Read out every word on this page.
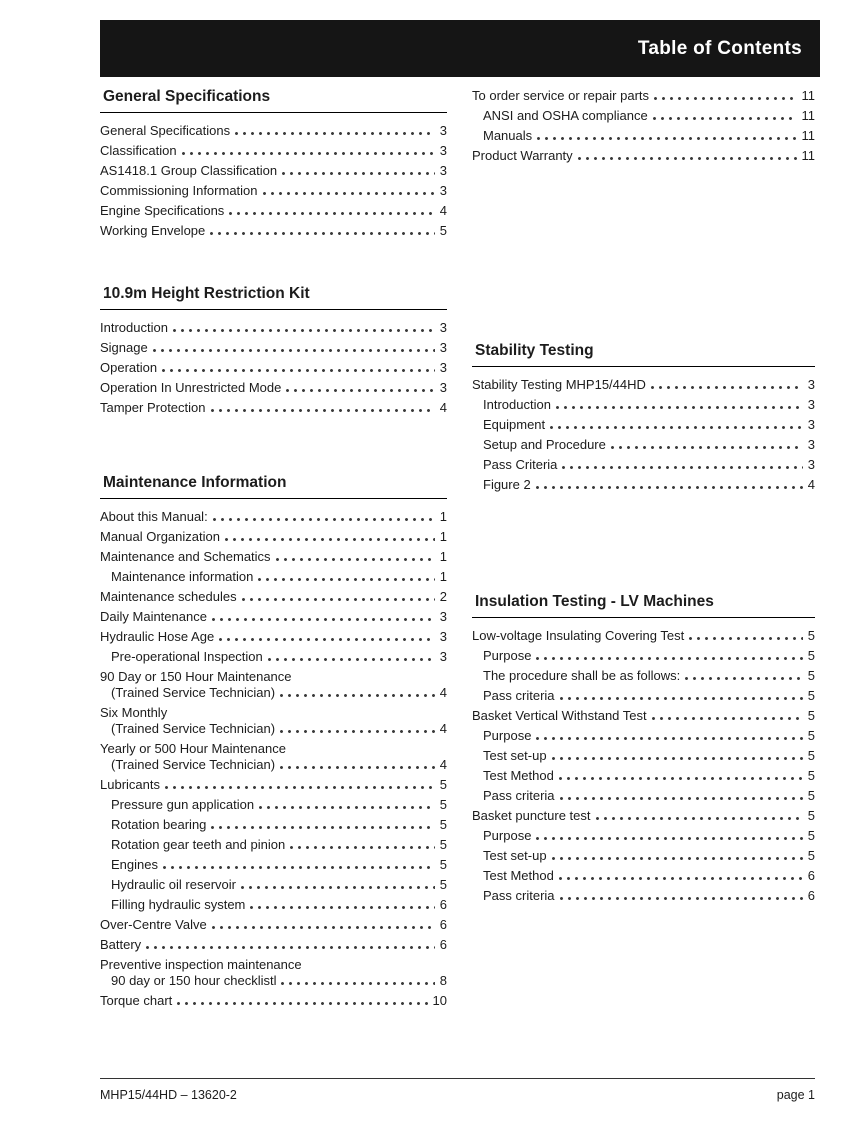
Table of Contents
General Specifications
General Specifications	3
Classification	3
AS1418.1 Group Classification	3
Commissioning Information	3
Engine Specifications	4
Working Envelope	5
10.9m Height Restriction Kit
Introduction	3
Signage	3
Operation	3
Operation In Unrestricted Mode	3
Tamper Protection	4
Maintenance Information
About this Manual:	1
Manual Organization	1
Maintenance and Schematics	1
Maintenance information	1
Maintenance schedules	2
Daily Maintenance	3
Hydraulic Hose Age	3
Pre-operational Inspection	3
90 Day or 150 Hour Maintenance
(Trained Service Technician)	4
Six Monthly
(Trained Service Technician)	4
Yearly or 500 Hour Maintenance
(Trained Service Technician)	4
Lubricants	5
Pressure gun application	5
Rotation bearing	5
Rotation gear teeth and pinion	5
Engines	5
Hydraulic oil reservoir	5
Filling hydraulic system	6
Over-Centre Valve	6
Battery	6
Preventive inspection maintenance
90 day or 150 hour checklistl	8
Torque chart	10
To order service or repair parts	11
ANSI and OSHA compliance	11
Manuals	11
Product Warranty	11
Stability Testing
Stability Testing MHP15/44HD	3
Introduction	3
Equipment	3
Setup and Procedure	3
Pass Criteria	3
Figure 2	4
Insulation Testing - LV Machines
Low-voltage Insulating Covering Test	5
Purpose	5
The procedure shall be as follows:	5
Pass criteria	5
Basket Vertical Withstand Test	5
Purpose	5
Test set-up	5
Test Method	5
Pass criteria	5
Basket puncture test	5
Purpose	5
Test set-up	5
Test Method	6
Pass criteria	6
MHP15/44HD – 13620-2	page 1
